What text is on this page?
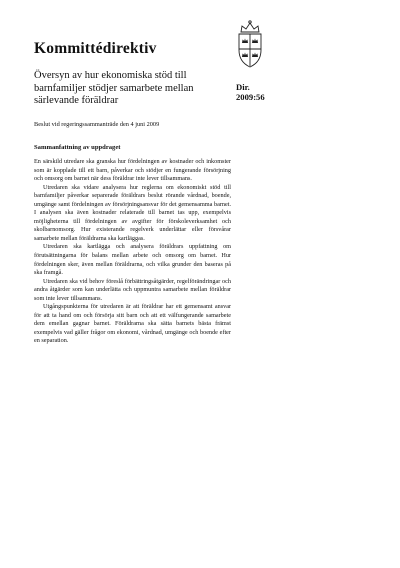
Kommittédirektiv
Översyn av hur ekonomiska stöd till barnfamiljer stödjer samarbete mellan särlevande föräldrar
Dir.
2009:56
Beslut vid regeringssammanträde den 4 juni 2009
Sammanfattning av uppdraget

En särskild utredare ska granska hur fördelningen av kostnader och inkomster som är kopplade till ett barn, påverkar och stödjer en fungerande försörjning och omsorg om barnet när dess föräldrar inte lever tillsammans.

Utredaren ska vidare analysera hur reglerna om ekonomiskt stöd till barnfamiljer påverkar separerade föräldrars beslut rörande vårdnad, boende, umgänge samt fördelningen av försörjningsansvar för det gemensamma barnet. I analysen ska även kostnader relaterade till barnet tas upp, exempelvis möjligheterna till fördelningen av avgifter för förskoleverksamhet och skolbarnomsorg. Hur existerande regelverk underlättar eller försvårar samarbete mellan föräldrarna ska kartläggas.

Utredaren ska kartlägga och analysera föräldrars uppfattning om förutsättningarna för balans mellan arbete och omsorg om barnet. Hur fördelningen sker, även mellan föräldrarna, och vilka grunder den baseras på ska framgå.

Utredaren ska vid behov föreslå förbättringsåtgärder, regelförändringar och andra åtgärder som kan underlätta och uppmuntra samarbete mellan föräldrar som inte lever tillsammans.

Utgångspunkterna för utredaren är att föräldrar har ett gemensamt ansvar för att ta hand om och försörja sitt barn och att ett välfungerande samarbete dem emellan gagnar barnet. Föräldrarna ska sätta barnets bästa främst exempelvis vad gäller frågor om ekonomi, vårdnad, umgänge och boende efter en separation.
